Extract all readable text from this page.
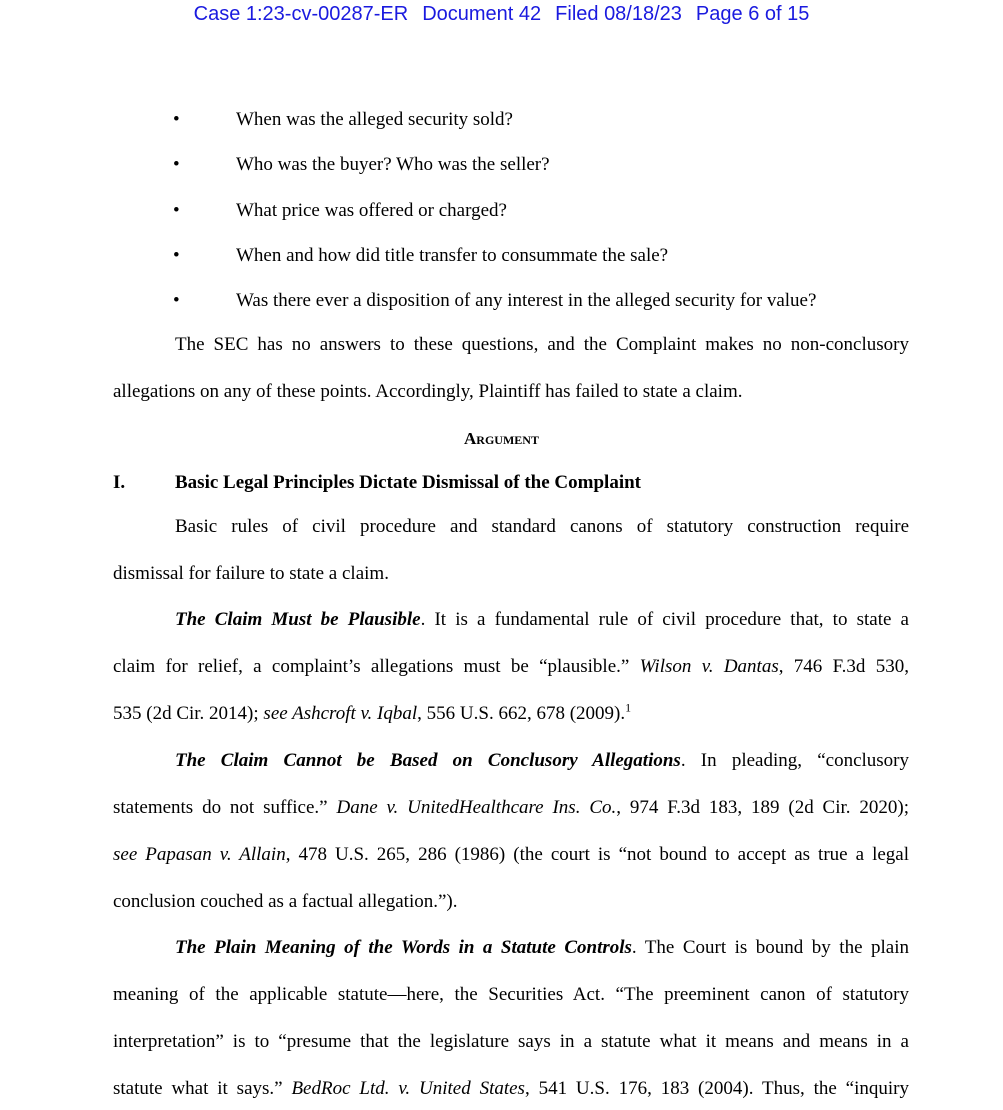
Case 1:23-cv-00287-ER Document 42 Filed 08/18/23 Page 6 of 15
•	When was the alleged security sold?
•	Who was the buyer? Who was the seller?
•	What price was offered or charged?
•	When and how did title transfer to consummate the sale?
•	Was there ever a disposition of any interest in the alleged security for value?
The SEC has no answers to these questions, and the Complaint makes no non-conclusory
allegations on any of these points. Accordingly, Plaintiff has failed to state a claim.
Argument
I.	Basic Legal Principles Dictate Dismissal of the Complaint
Basic rules of civil procedure and standard canons of statutory construction require
dismissal for failure to state a claim.
The Claim Must be Plausible. It is a fundamental rule of civil procedure that, to state a
claim for relief, a complaint’s allegations must be “plausible.” Wilson v. Dantas, 746 F.3d 530,
535 (2d Cir. 2014); see Ashcroft v. Iqbal, 556 U.S. 662, 678 (2009).$^1$
The Claim Cannot be Based on Conclusory Allegations. In pleading, “conclusory
statements do not suffice.” Dane v. UnitedHealthcare Ins. Co., 974 F.3d 183, 189 (2d Cir. 2020);
see Papasan v. Allain, 478 U.S. 265, 286 (1986) (the court is “not bound to accept as true a legal
conclusion couched as a factual allegation.”).
The Plain Meaning of the Words in a Statute Controls. The Court is bound by the plain
meaning of the applicable statute—here, the Securities Act. “The preeminent canon of statutory
interpretation” is to “presume that the legislature says in a statute what it means and means in a
statute what it says.” BedRoc Ltd. v. United States, 541 U.S. 176, 183 (2004). Thus, the “inquiry
